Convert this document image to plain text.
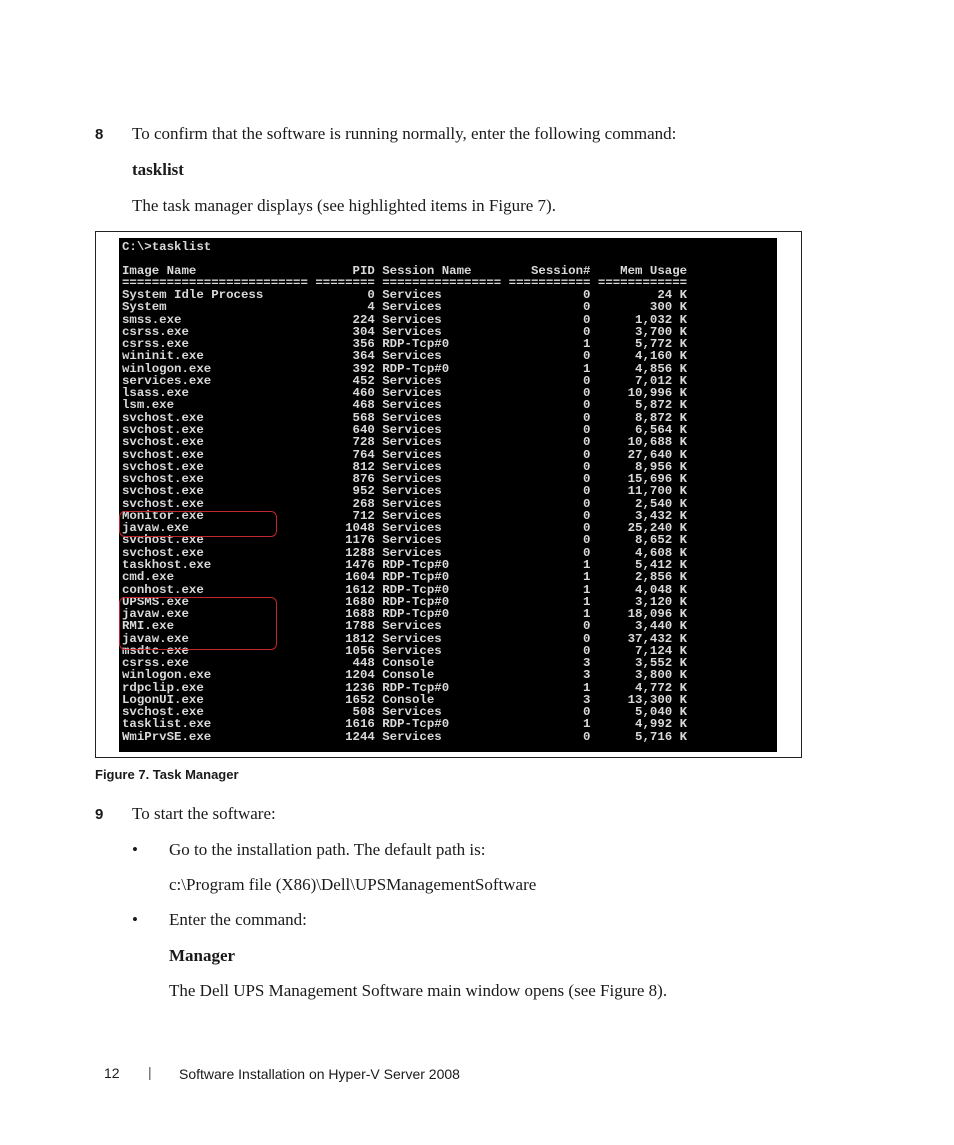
8 To confirm that the software is running normally, enter the following command:
tasklist
The task manager displays (see highlighted items in Figure 7).
C:\>tasklist
Image Name                     PID Session Name        Session#    Mem Usage
========================= ======== ================ =========== ============
System Idle Process              0 Services                   0         24 K
System                           4 Services                   0        300 K
smss.exe                       224 Services                   0      1,032 K
csrss.exe                      304 Services                   0      3,700 K
csrss.exe                      356 RDP-Tcp#0                  1      5,772 K
wininit.exe                    364 Services                   0      4,160 K
winlogon.exe                   392 RDP-Tcp#0                  1      4,856 K
services.exe                   452 Services                   0      7,012 K
lsass.exe                      460 Services                   0     10,996 K
lsm.exe                        468 Services                   0      5,872 K
svchost.exe                    568 Services                   0      8,872 K
svchost.exe                    640 Services                   0      6,564 K
svchost.exe                    728 Services                   0     10,688 K
svchost.exe                    764 Services                   0     27,640 K
svchost.exe                    812 Services                   0      8,956 K
svchost.exe                    876 Services                   0     15,696 K
svchost.exe                    952 Services                   0     11,700 K
svchost.exe                    268 Services                   0      2,540 K
Monitor.exe                    712 Services                   0      3,432 K
javaw.exe                     1048 Services                   0     25,240 K
svchost.exe                   1176 Services                   0      8,652 K
svchost.exe                   1288 Services                   0      4,608 K
taskhost.exe                  1476 RDP-Tcp#0                  1      5,412 K
cmd.exe                       1604 RDP-Tcp#0                  1      2,856 K
conhost.exe                   1612 RDP-Tcp#0                  1      4,048 K
UPSMS.exe                     1680 RDP-Tcp#0                  1      3,120 K
javaw.exe                     1688 RDP-Tcp#0                  1     18,096 K
RMI.exe                       1788 Services                   0      3,440 K
javaw.exe                     1812 Services                   0     37,432 K
msdtc.exe                     1056 Services                   0      7,124 K
csrss.exe                      448 Console                    3      3,552 K
winlogon.exe                  1204 Console                    3      3,800 K
rdpclip.exe                   1236 RDP-Tcp#0                  1      4,772 K
LogonUI.exe                   1652 Console                    3     13,300 K
svchost.exe                    508 Services                   0      5,040 K
tasklist.exe                  1616 RDP-Tcp#0                  1      4,992 K
WmiPrvSE.exe                  1244 Services                   0      5,716 K
Figure 7. Task Manager
9 To start the software:
• Go to the installation path. The default path is:
c:\Program file (X86)\Dell\UPSManagementSoftware
• Enter the command:
Manager
The Dell UPS Management Software main window opens (see Figure 8).
12 | Software Installation on Hyper-V Server 2008
